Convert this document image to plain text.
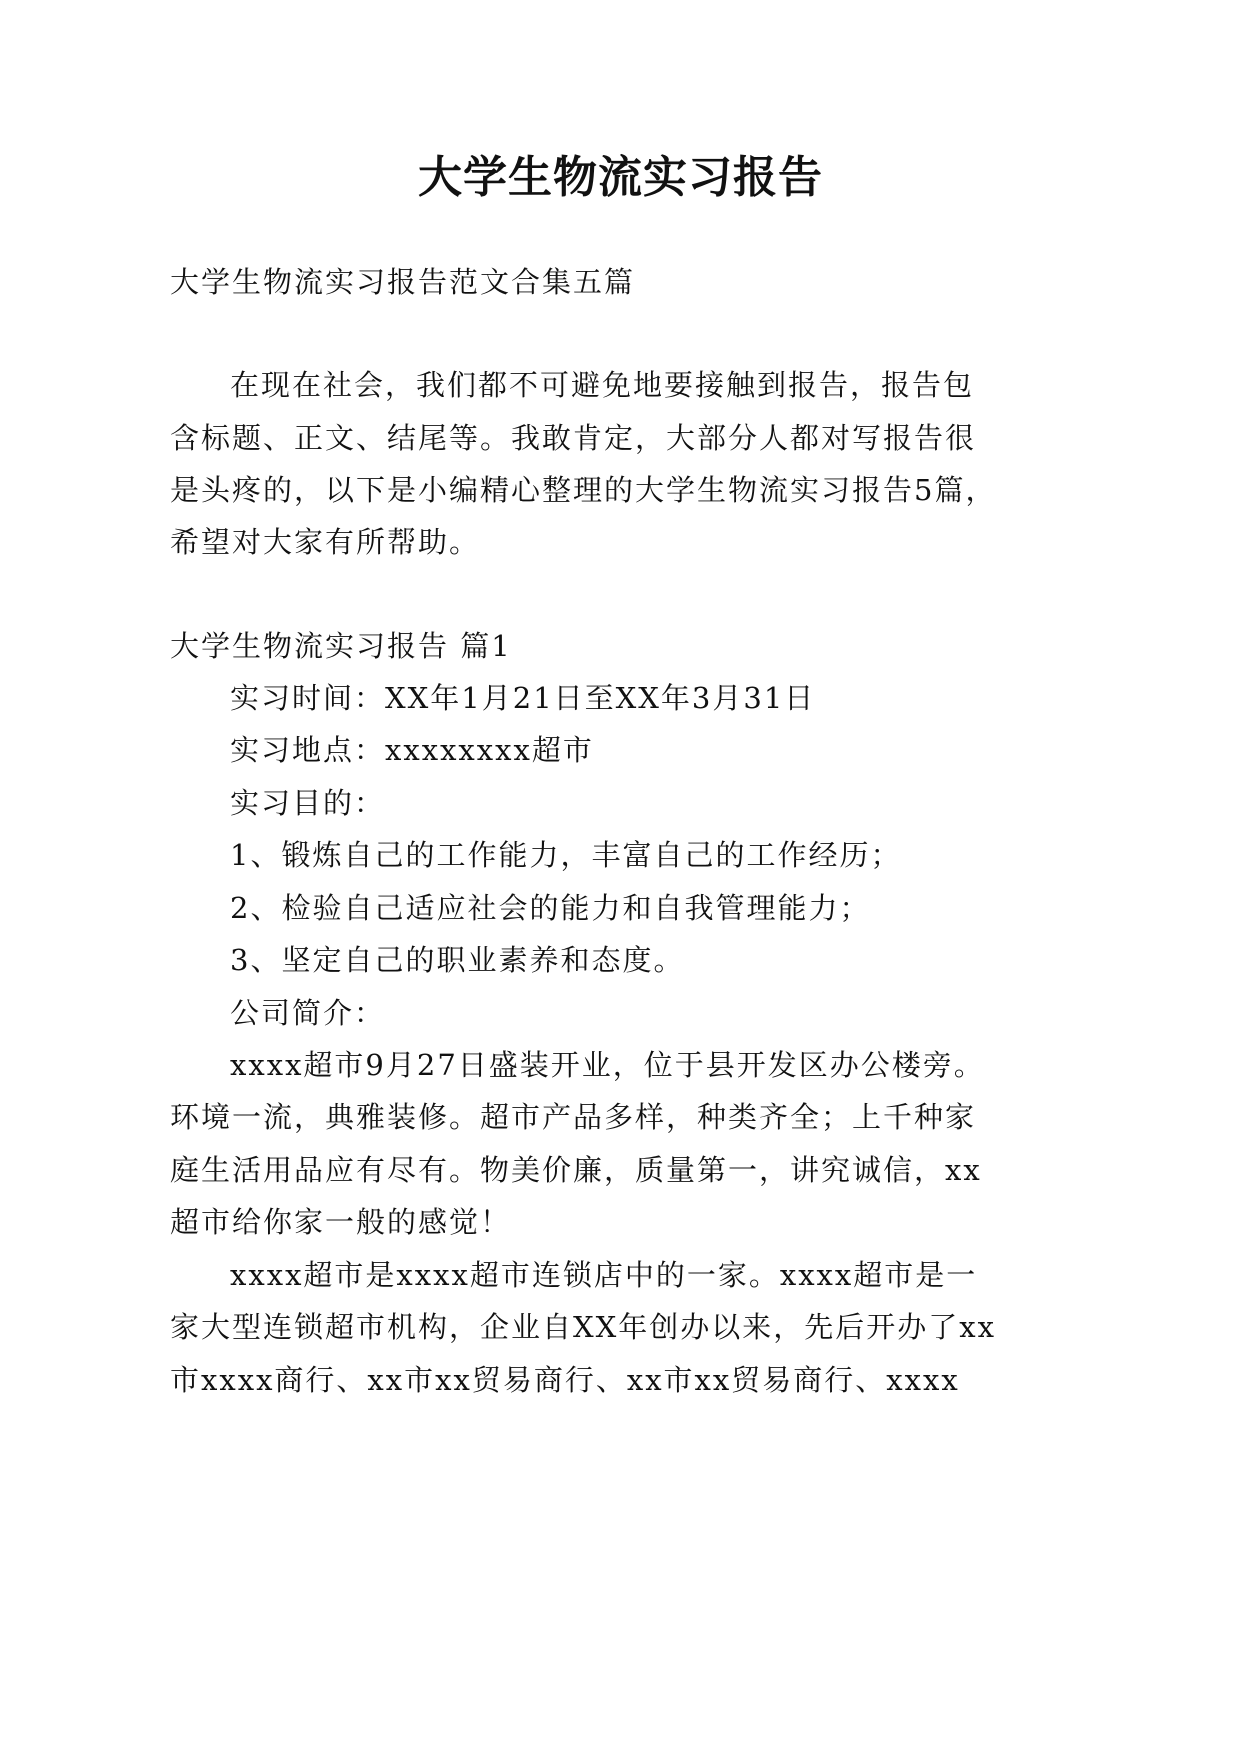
大学生物流实习报告
大学生物流实习报告范文合集五篇
在现在社会，我们都不可避免地要接触到报告，报告包
含标题、正文、结尾等。我敢肯定，大部分人都对写报告很
是头疼的，以下是小编精心整理的大学生物流实习报告5篇，
希望对大家有所帮助。
大学生物流实习报告 篇1
实习时间：XX年1月21日至XX年3月31日
实习地点：xxxxxxxx超市
实习目的：
1、锻炼自己的工作能力，丰富自己的工作经历；
2、检验自己适应社会的能力和自我管理能力；
3、坚定自己的职业素养和态度。
公司简介：
xxxx超市9月27日盛装开业，位于县开发区办公楼旁。
环境一流，典雅装修。超市产品多样，种类齐全；上千种家
庭生活用品应有尽有。物美价廉，质量第一，讲究诚信，xx
超市给你家一般的感觉！
xxxx超市是xxxx超市连锁店中的一家。xxxx超市是一
家大型连锁超市机构，企业自XX年创办以来，先后开办了xx
市xxxx商行、xx市xx贸易商行、xx市xx贸易商行、xxxx
